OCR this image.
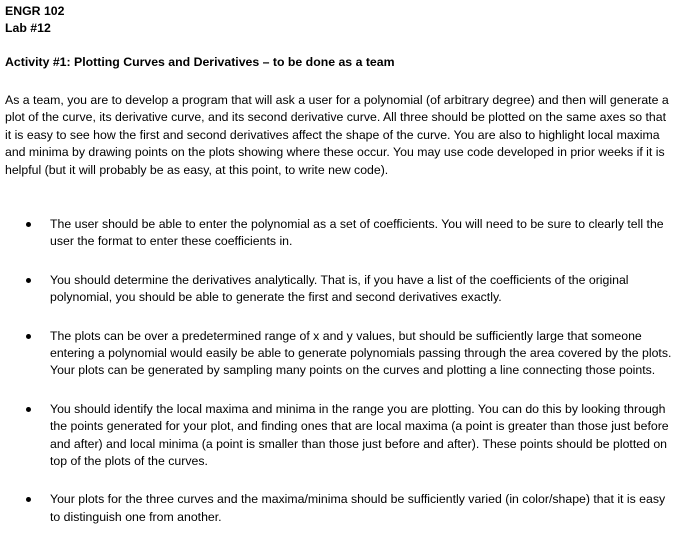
ENGR 102
Lab #12
Activity #1: Plotting Curves and Derivatives – to be done as a team

As a team, you are to develop a program that will ask a user for a polynomial (of arbitrary degree) and then will generate a plot of the curve, its derivative curve, and its second derivative curve. All three should be plotted on the same axes so that it is easy to see how the first and second derivatives affect the shape of the curve. You are also to highlight local maxima and minima by drawing points on the plots showing where these occur. You may use code developed in prior weeks if it is helpful (but it will probably be as easy, at this point, to write new code).

The user should be able to enter the polynomial as a set of coefficients. You will need to be sure to clearly tell the user the format to enter these coefficients in.
You should determine the derivatives analytically. That is, if you have a list of the coefficients of the original polynomial, you should be able to generate the first and second derivatives exactly.
The plots can be over a predetermined range of x and y values, but should be sufficiently large that someone entering a polynomial would easily be able to generate polynomials passing through the area covered by the plots. Your plots can be generated by sampling many points on the curves and plotting a line connecting those points.
You should identify the local maxima and minima in the range you are plotting. You can do this by looking through the points generated for your plot, and finding ones that are local maxima (a point is greater than those just before and after) and local minima (a point is smaller than those just before and after). These points should be plotted on top of the plots of the curves.
Your plots for the three curves and the maxima/minima should be sufficiently varied (in color/shape) that it is easy to distinguish one from another.
